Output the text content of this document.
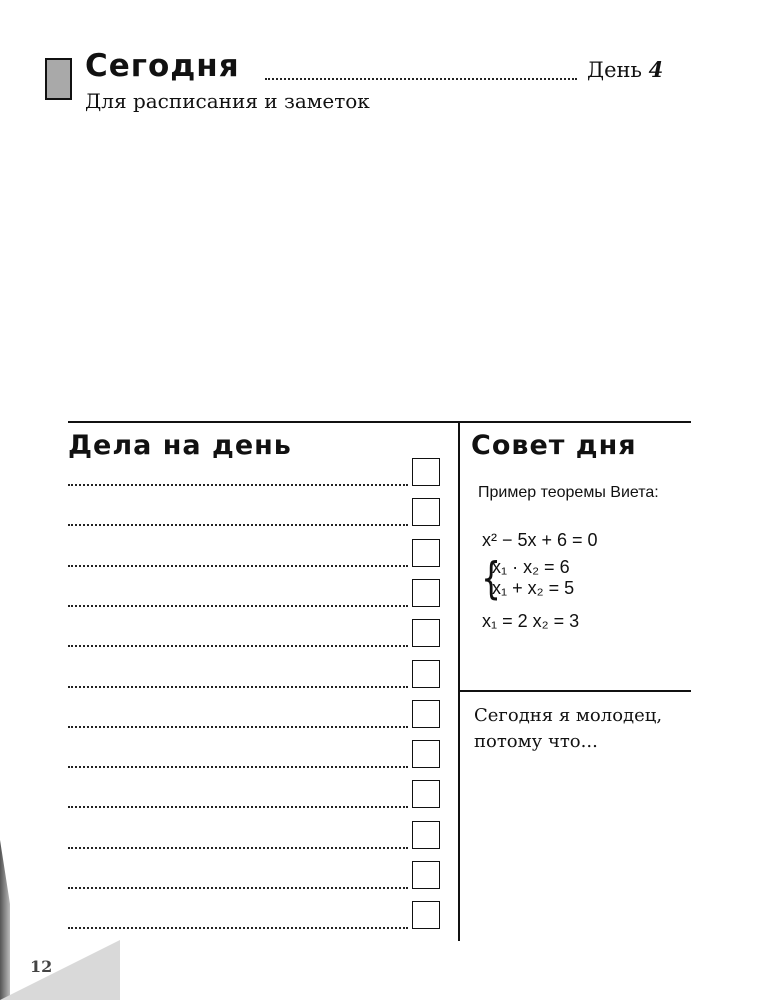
Сегодня	День 4
Для расписания и заметок
Дела на день	Совет дня
Пример теоремы Виета:
x² − 5x + 6 = 0
{
x₁ · x₂ = 6
x₁ + x₂ = 5
x₁ = 2 x₂ = 3
Сегодня я молодец,
потому что...
12
